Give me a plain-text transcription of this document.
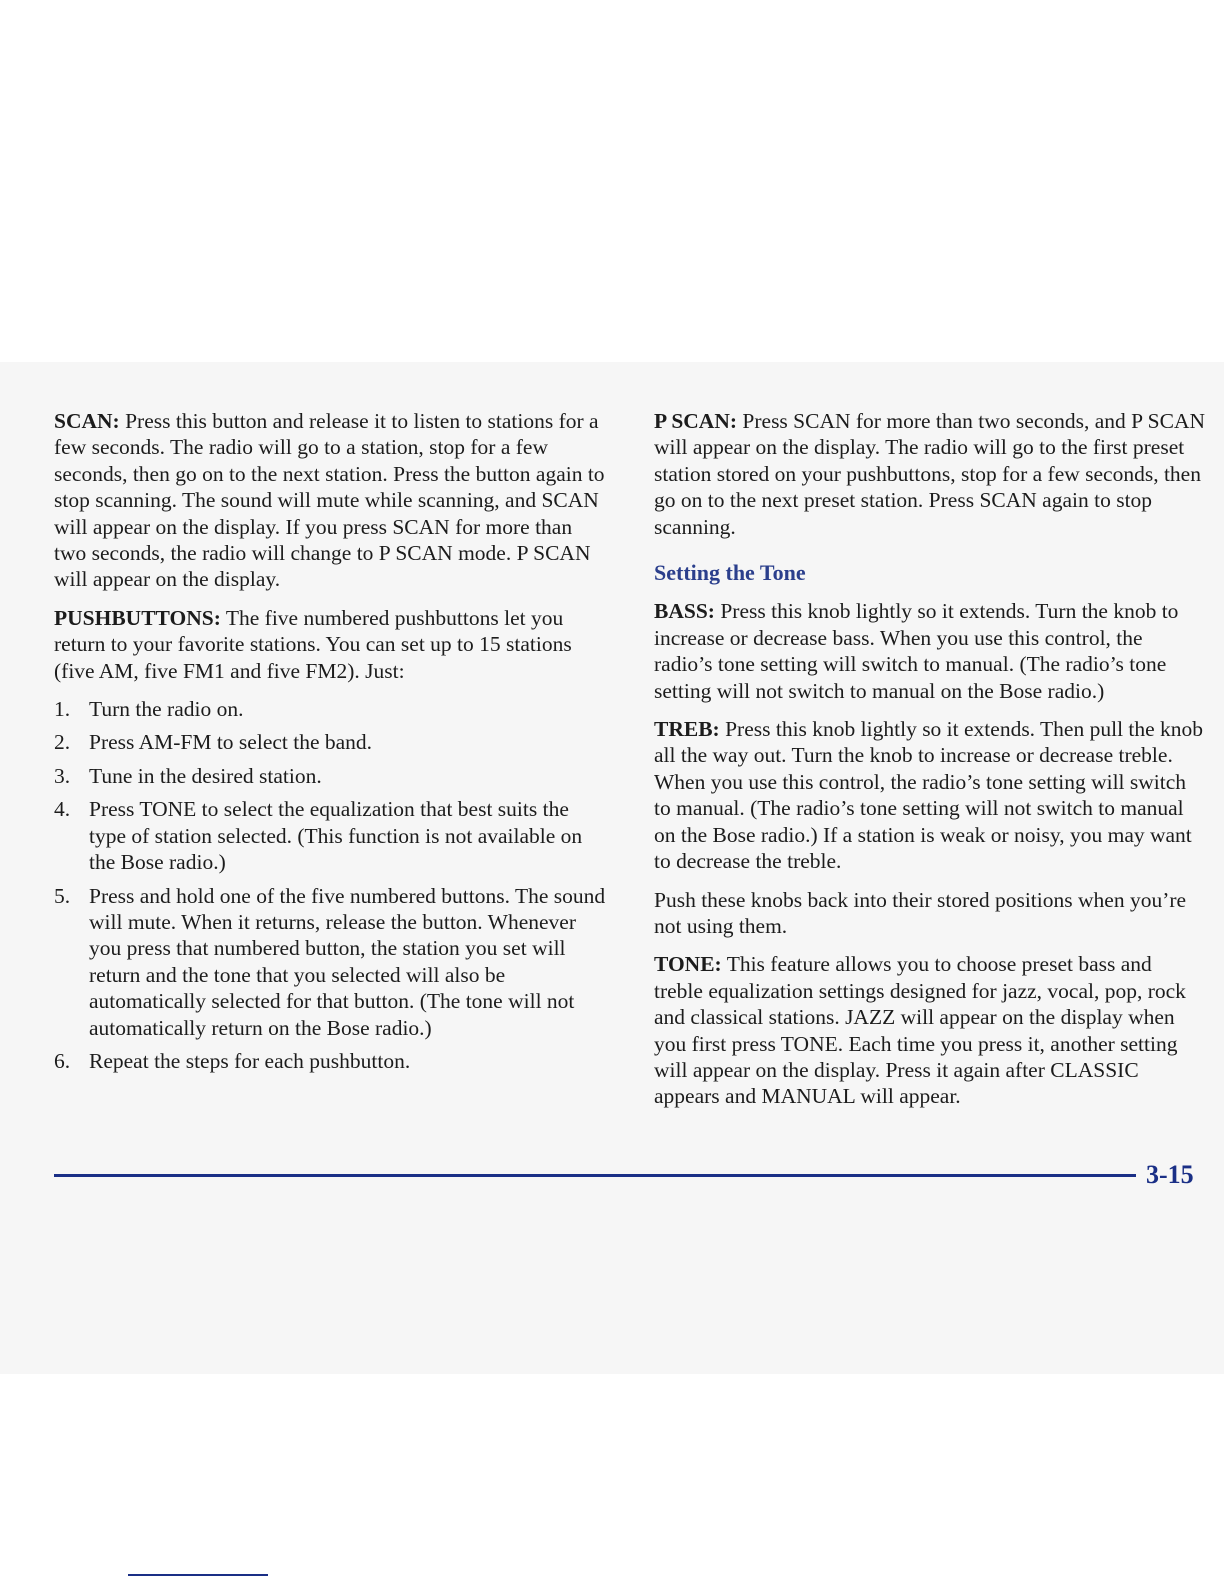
SCAN: Press this button and release it to listen to stations for a few seconds. The radio will go to a station, stop for a few seconds, then go on to the next station. Press the button again to stop scanning. The sound will mute while scanning, and SCAN will appear on the display. If you press SCAN for more than two seconds, the radio will change to P SCAN mode. P SCAN will appear on the display.

PUSHBUTTONS: The five numbered pushbuttons let you return to your favorite stations. You can set up to 15 stations (five AM, five FM1 and five FM2). Just:

1. Turn the radio on.
2. Press AM-FM to select the band.
3. Tune in the desired station.
4. Press TONE to select the equalization that best suits the type of station selected. (This function is not available on the Bose radio.)
5. Press and hold one of the five numbered buttons. The sound will mute. When it returns, release the button. Whenever you press that numbered button, the station you set will return and the tone that you selected will also be automatically selected for that button. (The tone will not automatically return on the Bose radio.)
6. Repeat the steps for each pushbutton.

P SCAN: Press SCAN for more than two seconds, and P SCAN will appear on the display. The radio will go to the first preset station stored on your pushbuttons, stop for a few seconds, then go on to the next preset station. Press SCAN again to stop scanning.

Setting the Tone

BASS: Press this knob lightly so it extends. Turn the knob to increase or decrease bass. When you use this control, the radio’s tone setting will switch to manual. (The radio’s tone setting will not switch to manual on the Bose radio.)

TREB: Press this knob lightly so it extends. Then pull the knob all the way out. Turn the knob to increase or decrease treble. When you use this control, the radio’s tone setting will switch to manual. (The radio’s tone setting will not switch to manual on the Bose radio.) If a station is weak or noisy, you may want to decrease the treble.

Push these knobs back into their stored positions when you’re not using them.

TONE: This feature allows you to choose preset bass and treble equalization settings designed for jazz, vocal, pop, rock and classical stations. JAZZ will appear on the display when you first press TONE. Each time you press it, another setting will appear on the display. Press it again after CLASSIC appears and MANUAL will appear.

3-15
